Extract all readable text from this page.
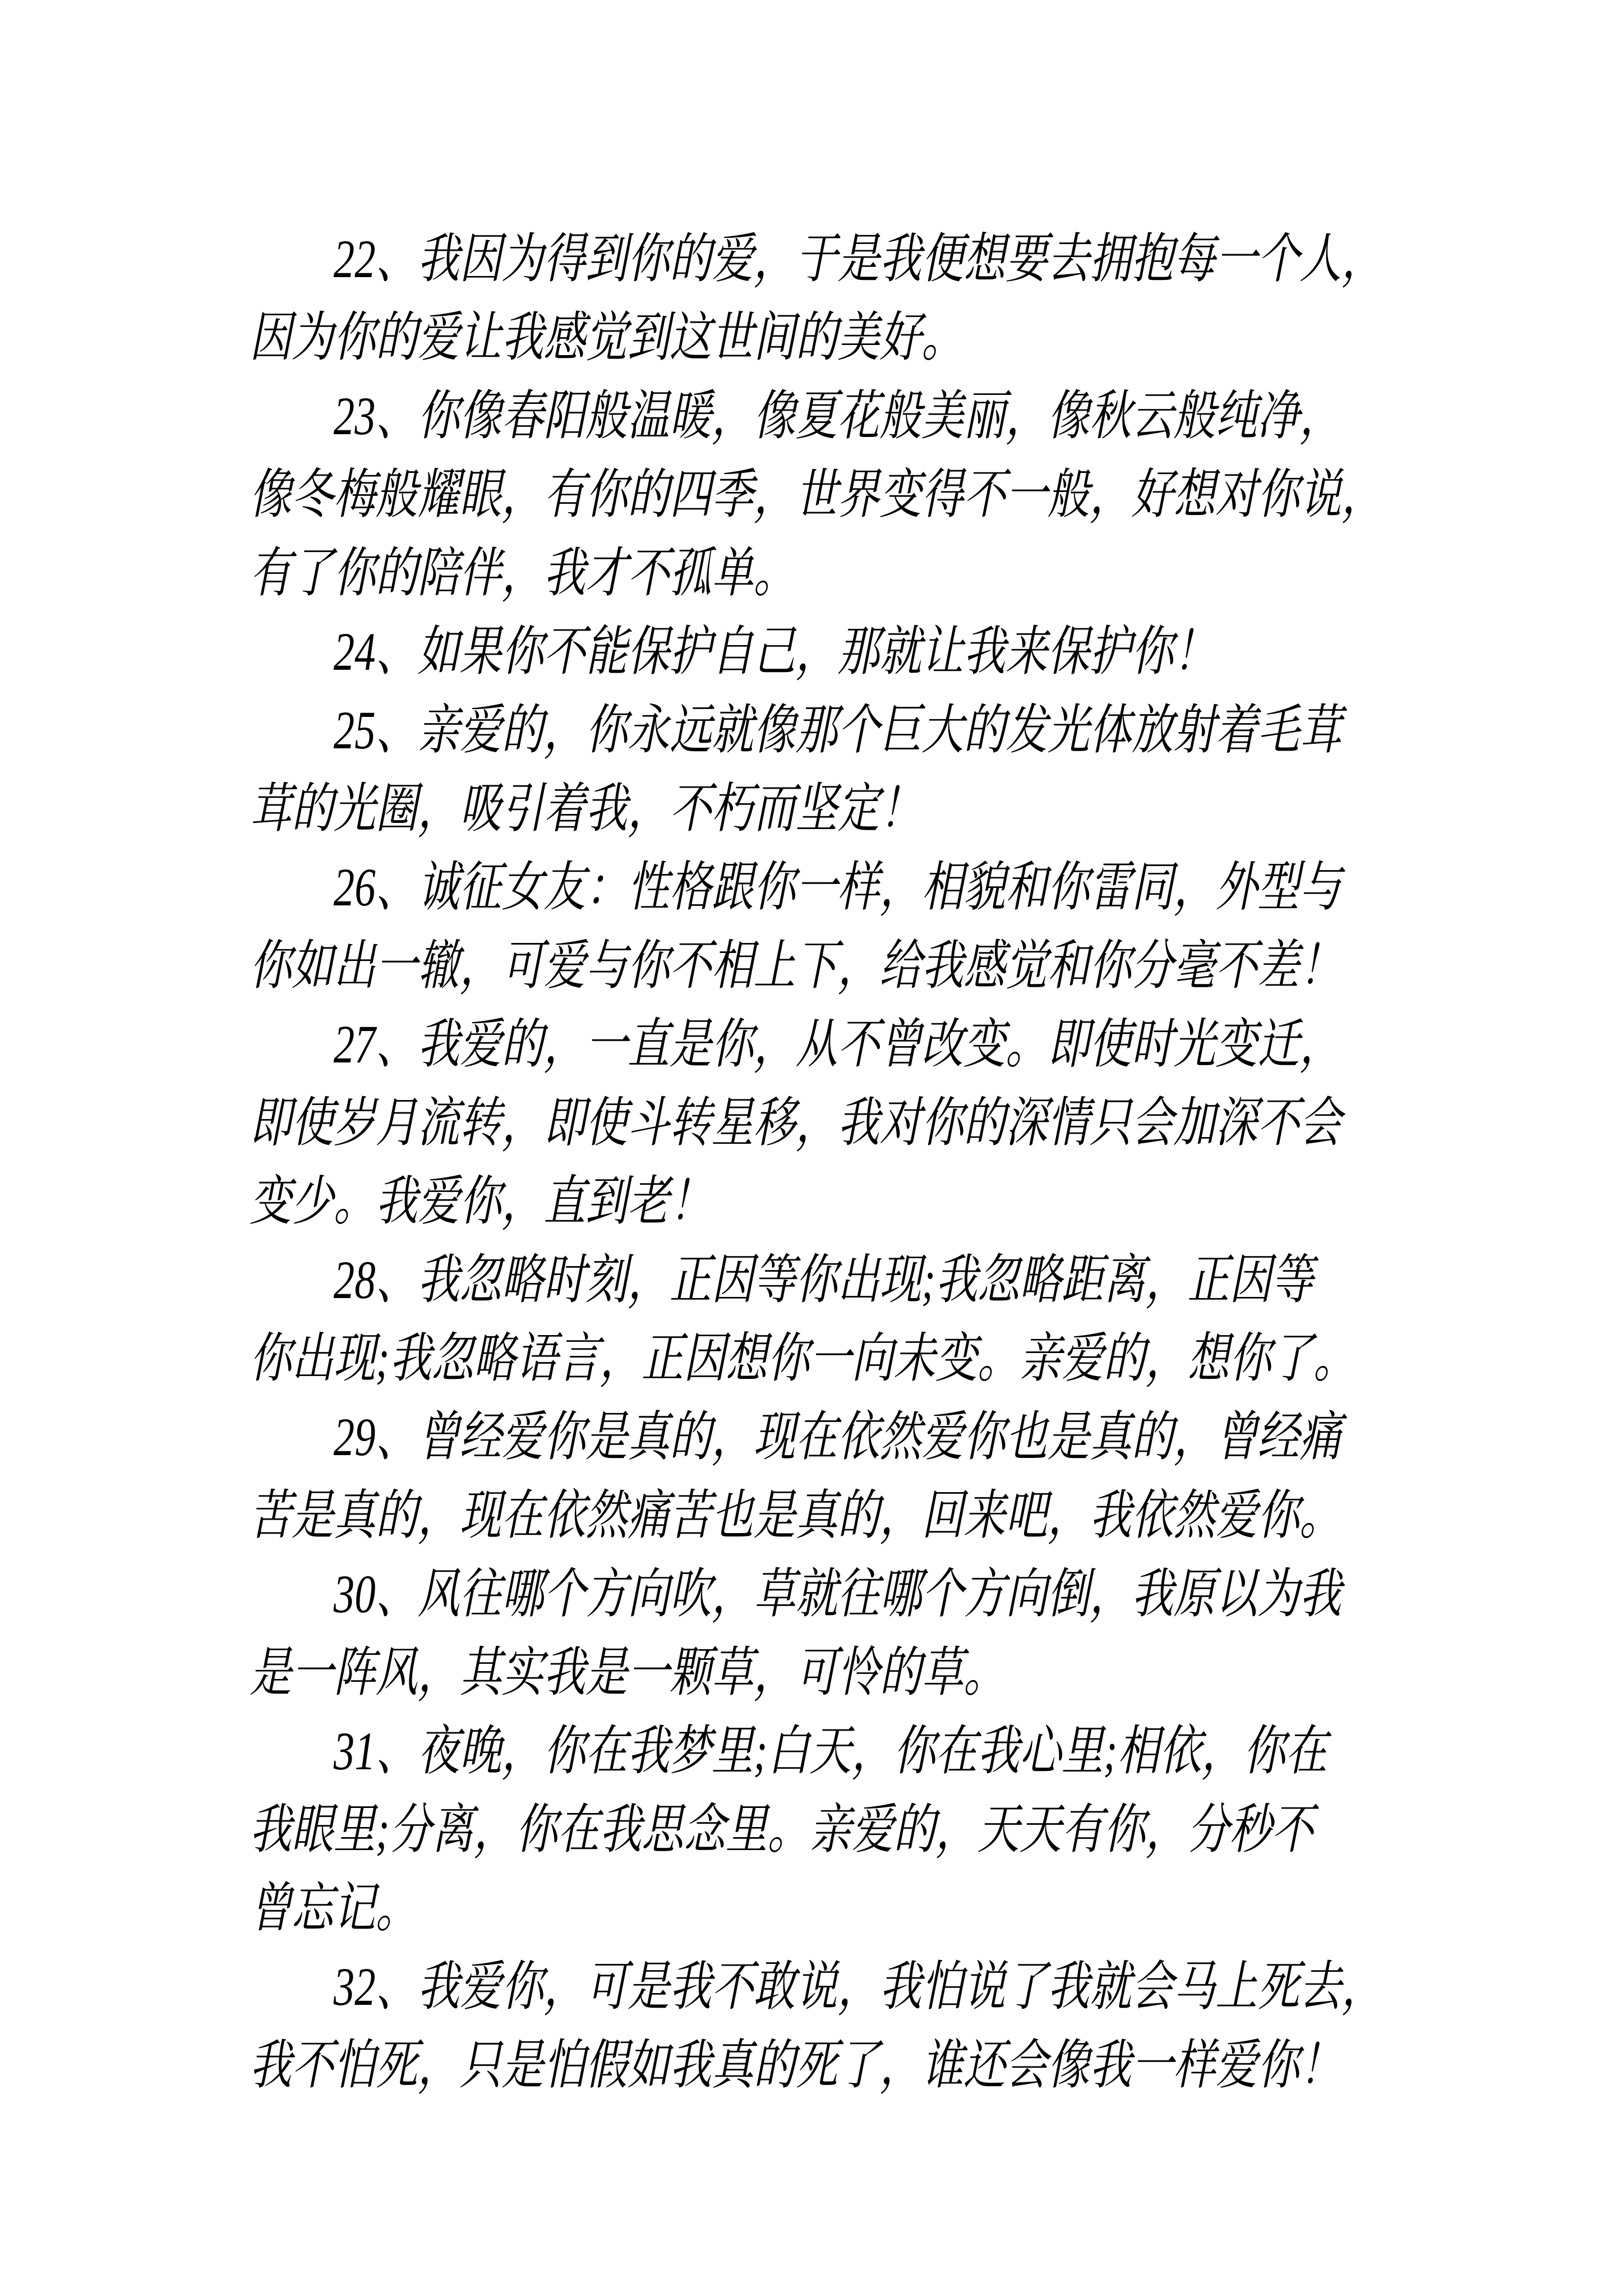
22、我因为得到你的爱，于是我便想要去拥抱每一个人，
因为你的爱让我感觉到这世间的美好。
23、你像春阳般温暖，像夏花般美丽，像秋云般纯净，
像冬梅般耀眼，有你的四季，世界变得不一般，好想对你说，
有了你的陪伴，我才不孤单。
24、如果你不能保护自己，那就让我来保护你！
25、亲爱的，你永远就像那个巨大的发光体放射着毛茸
茸的光圈，吸引着我，不朽而坚定！
26、诚征女友：性格跟你一样，相貌和你雷同，外型与
你如出一辙，可爱与你不相上下，给我感觉和你分毫不差！
27、我爱的，一直是你，从不曾改变。即使时光变迁，
即使岁月流转，即使斗转星移，我对你的深情只会加深不会
变少。我爱你，直到老！
28、我忽略时刻，正因等你出现;我忽略距离，正因等
你出现;我忽略语言，正因想你一向未变。亲爱的，想你了。
29、曾经爱你是真的，现在依然爱你也是真的，曾经痛
苦是真的，现在依然痛苦也是真的，回来吧，我依然爱你。
30、风往哪个方向吹，草就往哪个方向倒，我原以为我
是一阵风，其实我是一颗草，可怜的草。
31、夜晚，你在我梦里;白天，你在我心里;相依，你在
我眼里;分离，你在我思念里。亲爱的，天天有你，分秒不
曾忘记。
32、我爱你，可是我不敢说，我怕说了我就会马上死去，
我不怕死，只是怕假如我真的死了，谁还会像我一样爱你！
